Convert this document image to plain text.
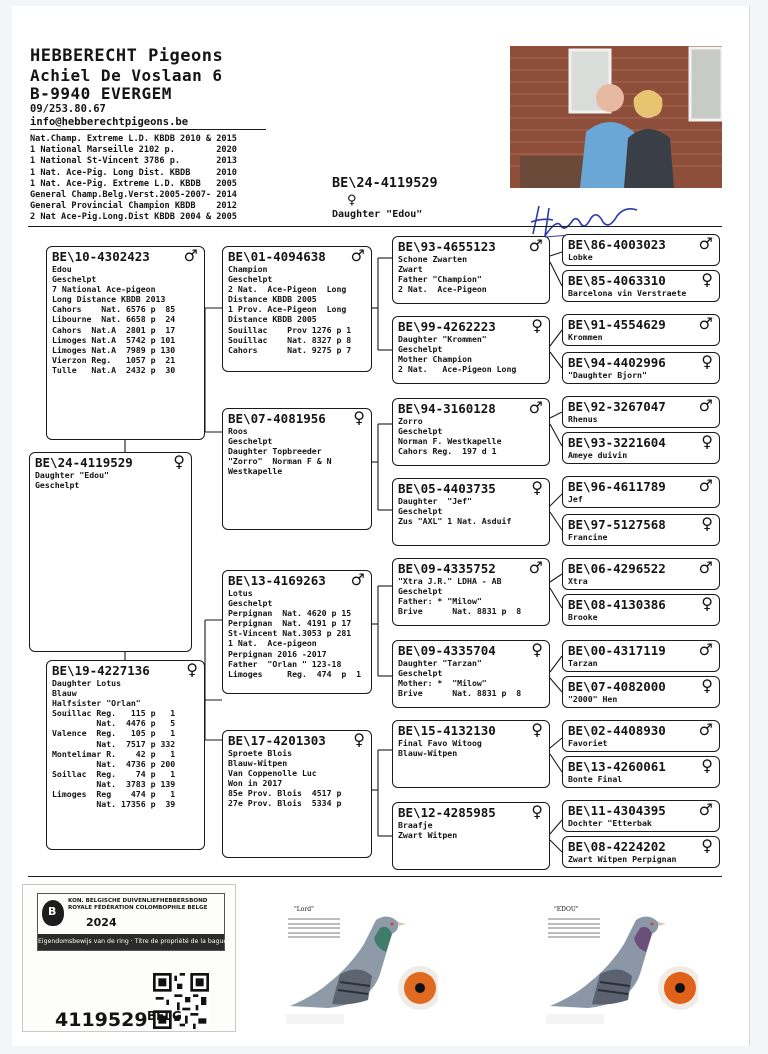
HEBBERECHT Pigeons
Achiel De Voslaan 6
B-9940 EVERGEM
09/253.80.67
info@hebberechtpigeons.be
Nat.Champ. Extreme L.D. KBDB 2010 & 2015
1 National Marseille 2102 p.        2020
1 National St-Vincent 3786 p.       2013
1 Nat. Ace-Pig. Long Dist. KBDB     2010
1 Nat. Ace-Pig. Extreme L.D. KBDB   2005
General Champ.Belg.Verst.2005-2007- 2014
General Provincial Champion KBDB    2012
2 Nat Ace-Pig.Long.Dist KBDB 2004 & 2005
BE\24-4119529
♀
Daughter "Edou"
BE\10-4302423	♂
Edou
Geschelpt
7 National Ace-pigeon
Long Distance KBDB 2013
Cahors    Nat. 6576 p  85
Libourne  Nat. 6658 p  24
Cahors  Nat.A  2801 p  17
Limoges Nat.A  5742 p 101
Limoges Nat.A  7989 p 130
Vierzon Reg.   1057 p  21
Tulle   Nat.A  2432 p  30
BE\24-4119529	♀
Daughter "Edou"
Geschelpt
BE\19-4227136	♀
Daughter Lotus
Blauw
Halfsister "Orlan"
Souillac Reg.   115 p   1
Nat.  4476 p   5
Valence  Reg.   105 p   1
Nat.  7517 p 332
Montelimar R.    42 p   1
Nat.  4736 p 200
Soillac  Reg.    74 p   1
Nat.  3783 p 139
Limoges  Reg    474 p   1
Nat. 17356 p  39
BE\01-4094638	♂
Champion
Geschelpt
2 Nat.  Ace-Pigeon  Long
Distance KBDB 2005
1 Prov. Ace-Pigeon  Long
Distance KBDB 2005
Souillac    Prov 1276 p 1
Souillac    Nat. 8327 p 8
Cahors      Nat. 9275 p 7
BE\07-4081956	♀
Roos
Geschelpt
Daughter Topbreeder
"Zorro"  Norman F & N
Westkapelle
BE\13-4169263	♂
Lotus
Geschelpt
Perpignan  Nat. 4620 p 15
Perpignan  Nat. 4191 p 17
St-Vincent Nat.3053 p 281
1 Nat.  Ace-pigeon
Perpignan 2016 -2017
Father  "Orlan " 123-18
Limoges     Reg.  474  p  1
BE\17-4201303	♀
Sproete Blois
Blauw-Witpen
Van Coppenolle Luc
Won in 2017
85e Prov. Blois  4517 p
27e Prov. Blois  5334 p
BE\93-4655123	♂
Schone Zwarten
Zwart
Father "Champion"
2 Nat.  Ace-Pigeon
BE\99-4262223	♀
Daughter "Krommen"
Geschelpt
Mother Champion
2 Nat.   Ace-Pigeon Long
BE\94-3160128	♂
Zorro
Geschelpt
Norman F. Westkapelle
Cahors Reg.  197 d 1
BE\05-4403735	♀
Daughter  "Jef"
Geschelpt
Zus "AXL" 1 Nat. Asduif
BE\09-4335752	♂
"Xtra J.R." LDHA - AB
Geschelpt
Father: * "Milow"
Brive      Nat. 8831 p  8
BE\09-4335704	♀
Daughter "Tarzan"
Geschelpt
Mother: *  "Milow"
Brive      Nat. 8831 p  8
BE\15-4132130	♀
Final Favo Witoog
Blauw-Witpen
BE\12-4285985	♀
Braafje
Zwart Witpen
BE\86-4003023	♂
Lobke
BE\85-4063310	♀
Barcelona vin Verstraete
BE\91-4554629	♂
Krommen
BE\94-4402996	♀
"Daughter Bjorn"
BE\92-3267047	♂
Rhenus
BE\93-3221604	♀
Ameye duivin
BE\96-4611789	♂
Jef
BE\97-5127568	♀
Francine
BE\06-4296522	♂
Xtra
BE\08-4130386	♀
Brooke
BE\00-4317119	♂
Tarzan
BE\07-4082000	♀
"2000" Hen
BE\02-4408930	♂
Favoriet
BE\13-4260061	♀
Bonte Final
BE\11-4304395	♂
Dochter "Etterbak
BE\08-4224202	♀
Zwart Witpen Perpignan
B
KON. BELGISCHE DUIVENLIEFHEBBERSBOND
ROYALE FÉDÉRATION COLOMBOPHILE BELGE
2024
Eigendomsbewijs van de ring · Titre de propriété de la bague
4119529 BELG
"Lord"	"EDOU"
